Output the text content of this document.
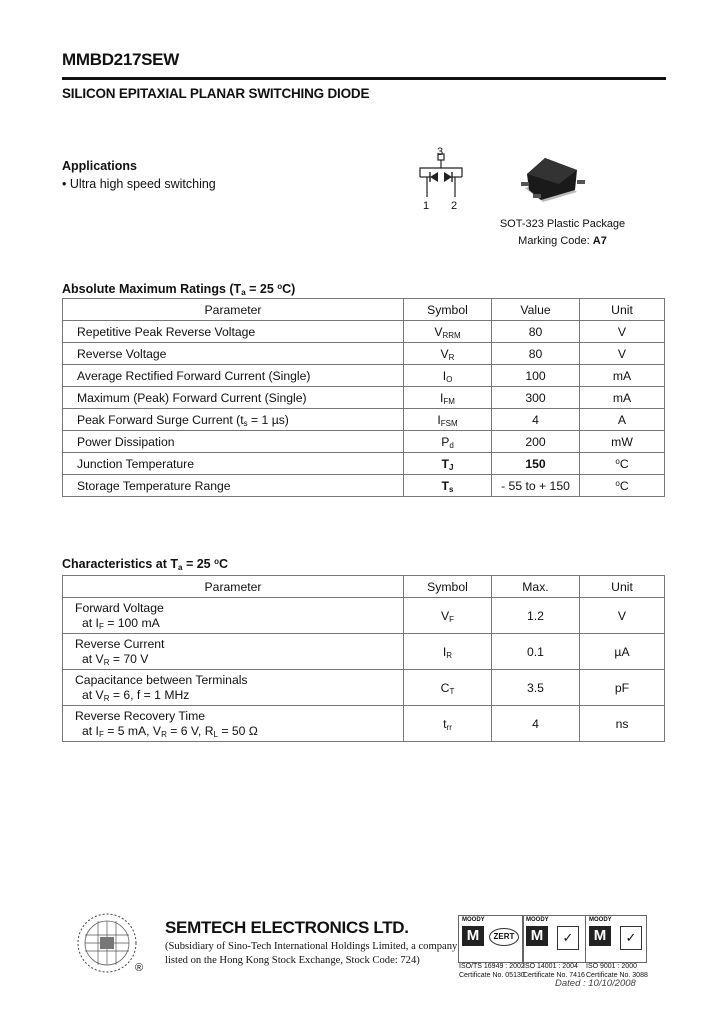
MMBD217SEW
SILICON EPITAXIAL PLANAR SWITCHING DIODE
Applications
• Ultra high speed switching
3
1 2
SOT-323 Plastic Package
Marking Code: A7
Absolute Maximum Ratings ($T_a = 25$ $^o$C)
Parameter	Symbol	Value	Unit
Repetitive Peak Reverse Voltage	$V_{RRM}$	80	V
Reverse Voltage	$V_R$	80	V
Average Rectified Forward Current (Single)	$I_O$	100	mA
Maximum (Peak) Forward Current (Single)	$I_{FM}$	300	mA
Peak Forward Surge Current ($t_s = 1$ µs)	$I_{FSM}$	4	A
Power Dissipation	$P_d$	200	mW
Junction Temperature	$T_J$	150	$^o$C
Storage Temperature Range	$T_s$	- 55 to + 150	$^o$C
Characteristics at $T_a = 25$ $^o$C
Parameter	Symbol	Max.	Unit

Forward Voltage
at $I_F = 100$ mA	$V_F$	1.2	V

Reverse Current
at $V_R = 70$ V	$I_R$	0.1	µA

Capacitance between Terminals
at $V_R = 6$, f = 1 MHz	$C_T$	3.5	pF

Reverse Recovery Time
at $I_F = 5$ mA, $V_R = 6$ V, $R_L = 50$ Ω	$t_{rr}$	4	ns
®
SEMTECH ELECTRONICS LTD.
(Subsidiary of Sino-Tech International Holdings Limited, a company
listed on the Hong Kong Stock Exchange, Stock Code: 724)
MOODY
M	ZERT
MOODY
M	✓
MOODY
M	✓
ISO/TS 16949 : 2002
Certificate No. 05130
ISO 14001 : 2004
Certificate No. 7416
ISO 9001 : 2000
Certificate No. 3088
Dated : 10/10/2008
